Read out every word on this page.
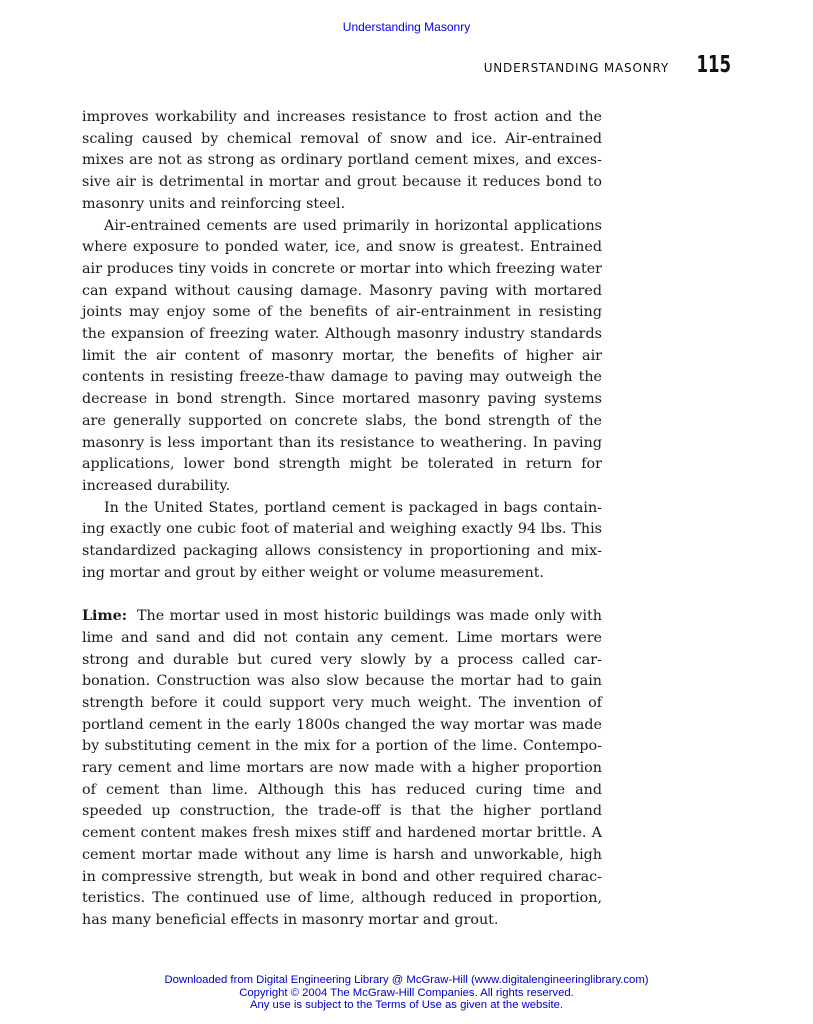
Understanding Masonry
UNDERSTANDING MASONRY 115

improves workability and increases resistance to frost action and the scaling caused by chemical removal of snow and ice. Air-entrained mixes are not as strong as ordinary portland cement mixes, and excessive air is detrimental in mortar and grout because it reduces bond to masonry units and reinforcing steel.

Air-entrained cements are used primarily in horizontal applications where exposure to ponded water, ice, and snow is greatest. Entrained air produces tiny voids in concrete or mortar into which freezing water can expand without causing damage. Masonry paving with mortared joints may enjoy some of the benefits of air-entrainment in resisting the expansion of freezing water. Although masonry industry standards limit the air content of masonry mortar, the benefits of higher air contents in resisting freeze-thaw damage to paving may outweigh the decrease in bond strength. Since mortared masonry paving systems are generally supported on concrete slabs, the bond strength of the masonry is less important than its resistance to weathering. In paving applications, lower bond strength might be tolerated in return for increased durability.

In the United States, portland cement is packaged in bags containing exactly one cubic foot of material and weighing exactly 94 lbs. This standardized packaging allows consistency in proportioning and mixing mortar and grout by either weight or volume measurement.

Lime: The mortar used in most historic buildings was made only with lime and sand and did not contain any cement. Lime mortars were strong and durable but cured very slowly by a process called carbonation. Construction was also slow because the mortar had to gain strength before it could support very much weight. The invention of portland cement in the early 1800s changed the way mortar was made by substituting cement in the mix for a portion of the lime. Contemporary cement and lime mortars are now made with a higher proportion of cement than lime. Although this has reduced curing time and speeded up construction, the trade-off is that the higher portland cement content makes fresh mixes stiff and hardened mortar brittle. A cement mortar made without any lime is harsh and unworkable, high in compressive strength, but weak in bond and other required characteristics. The continued use of lime, although reduced in proportion, has many beneficial effects in masonry mortar and grout.

Downloaded from Digital Engineering Library @ McGraw-Hill (www.digitalengineeringlibrary.com)
Copyright © 2004 The McGraw-Hill Companies. All rights reserved.
Any use is subject to the Terms of Use as given at the website.
